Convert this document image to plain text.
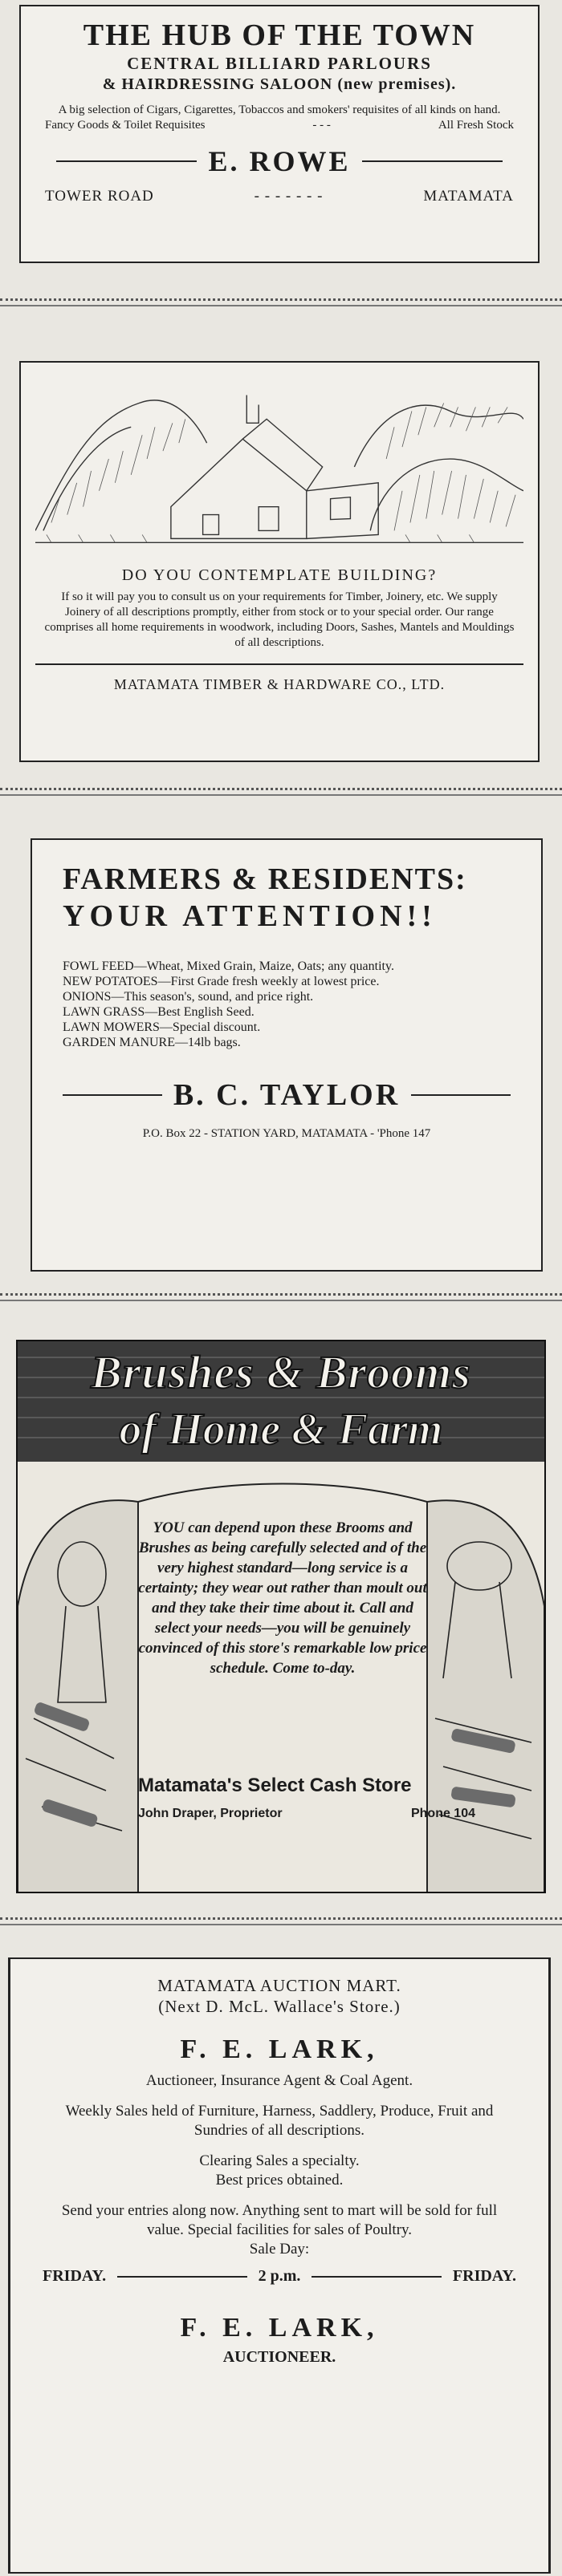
THE HUB OF THE TOWN
CENTRAL BILLIARD PARLOURS
& HAIRDRESSING SALOON (new premises).
A big selection of Cigars, Cigarettes, Tobaccos and smokers' requisites of all kinds on hand.
Fancy Goods & Toilet Requisites	- - -	All Fresh Stock
E. ROWE
TOWER ROAD	- - - - - - -	MATAMATA
DO YOU CONTEMPLATE BUILDING?
If so it will pay you to consult us on your requirements for Timber, Joinery, etc. We supply Joinery of all descriptions promptly, either from stock or to your special order. Our range comprises all home requirements in woodwork, including Doors, Sashes, Mantels and Mouldings of all descriptions.
MATAMATA TIMBER & HARDWARE CO., LTD.
FARMERS & RESIDENTS:
YOUR ATTENTION!!
FOWL FEED—Wheat, Mixed Grain, Maize, Oats; any quantity.
NEW POTATOES—First Grade fresh weekly at lowest price.
ONIONS—This season's, sound, and price right.
LAWN GRASS—Best English Seed.
LAWN MOWERS—Special discount.
GARDEN MANURE—14lb bags.
B. C. TAYLOR
P.O. Box 22 - STATION YARD, MATAMATA - 'Phone 147
Brushes & Brooms
of Home & Farm
YOU can depend upon these Brooms and Brushes as being carefully selected and of the very highest standard—long service is a certainty; they wear out rather than moult out and they take their time about it. Call and select your needs—you will be genuinely convinced of this store's remarkable low price schedule. Come to-day.
Matamata's Select Cash Store
John Draper, Proprietor	Phone 104
MATAMATA AUCTION MART.
(Next D. McL. Wallace's Store.)
F. E. LARK,
Auctioneer, Insurance Agent & Coal Agent.
Weekly Sales held of Furniture, Harness, Saddlery, Produce, Fruit and Sundries of all descriptions.
Clearing Sales a specialty.
Best prices obtained.
Send your entries along now. Anything sent to mart will be sold for full value. Special facilities for sales of Poultry.
Sale Day:
FRIDAY.	2 p.m.	FRIDAY.
F. E. LARK,
AUCTIONEER.
